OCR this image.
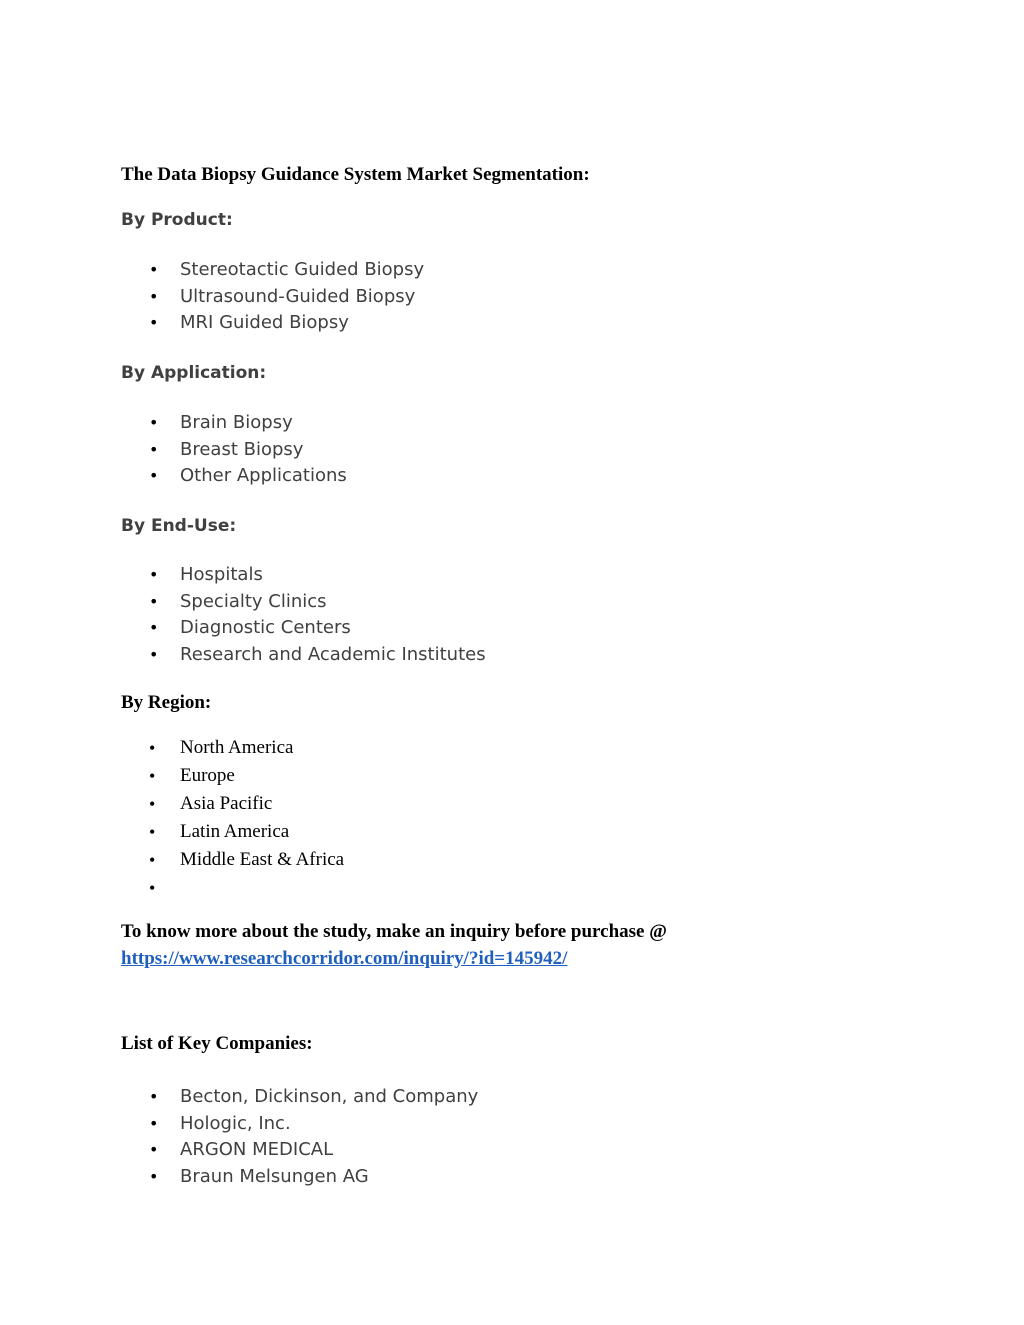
The Data Biopsy Guidance System Market Segmentation:
By Product:
• Stereotactic Guided Biopsy
• Ultrasound-Guided Biopsy
• MRI Guided Biopsy
By Application:
• Brain Biopsy
• Breast Biopsy
• Other Applications
By End-Use:
• Hospitals
• Specialty Clinics
• Diagnostic Centers
• Research and Academic Institutes
By Region:
• North America
• Europe
• Asia Pacific
• Latin America
• Middle East & Africa
•

To know more about the study, make an inquiry before purchase @
https://www.researchcorridor.com/inquiry/?id=145942/
List of Key Companies:
• Becton, Dickinson, and Company
• Hologic, Inc.
• ARGON MEDICAL
• Braun Melsungen AG
